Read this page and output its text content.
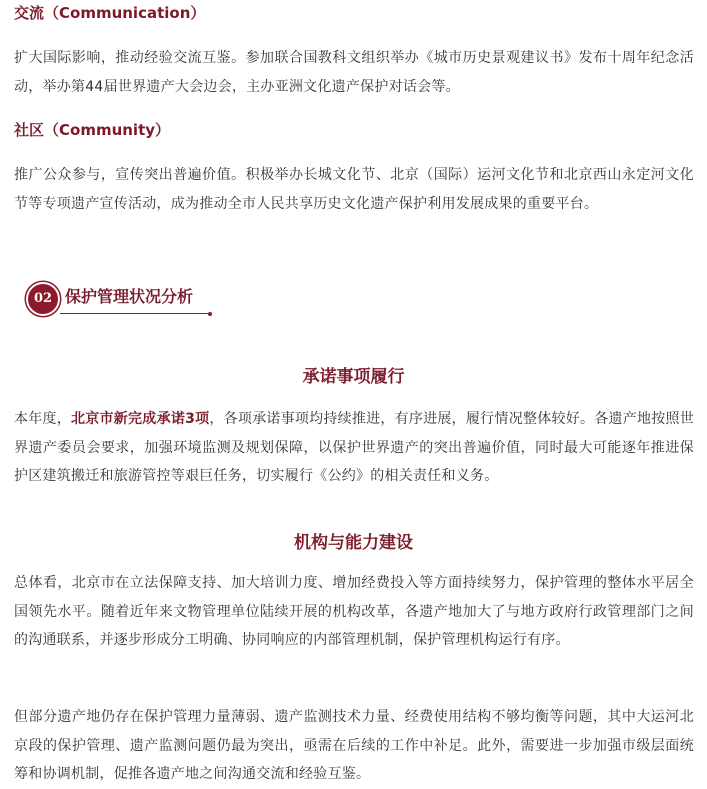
交流（Communication）

扩大国际影响，推动经验交流互鉴。参加联合国教科文组织举办《城市历史景观建议书》发布十周年纪念活动，举办第44届世界遗产大会边会，主办亚洲文化遗产保护对话会等。

社区（Community）

推广公众参与，宣传突出普遍价值。积极举办长城文化节、北京（国际）运河文化节和北京西山永定河文化节等专项遗产宣传活动，成为推动全市人民共享历史文化遗产保护利用发展成果的重要平台。

02 保护管理状况分析
承诺事项履行

本年度，北京市新完成承诺3项，各项承诺事项均持续推进，有序进展，履行情况整体较好。各遗产地按照世界遗产委员会要求，加强环境监测及规划保障，以保护世界遗产的突出普遍价值，同时最大可能逐年推进保护区建筑搬迁和旅游管控等艰巨任务，切实履行《公约》的相关责任和义务。

机构与能力建设

总体看，北京市在立法保障支持、加大培训力度、增加经费投入等方面持续努力，保护管理的整体水平居全国领先水平。随着近年来文物管理单位陆续开展的机构改革，各遗产地加大了与地方政府行政管理部门之间的沟通联系，并逐步形成分工明确、协同响应的内部管理机制，保护管理机构运行有序。

但部分遗产地仍存在保护管理力量薄弱、遗产监测技术力量、经费使用结构不够均衡等问题，其中大运河北京段的保护管理、遗产监测问题仍最为突出，亟需在后续的工作中补足。此外，需要进一步加强市级层面统筹和协调机制，促推各遗产地之间沟通交流和经验互鉴。
